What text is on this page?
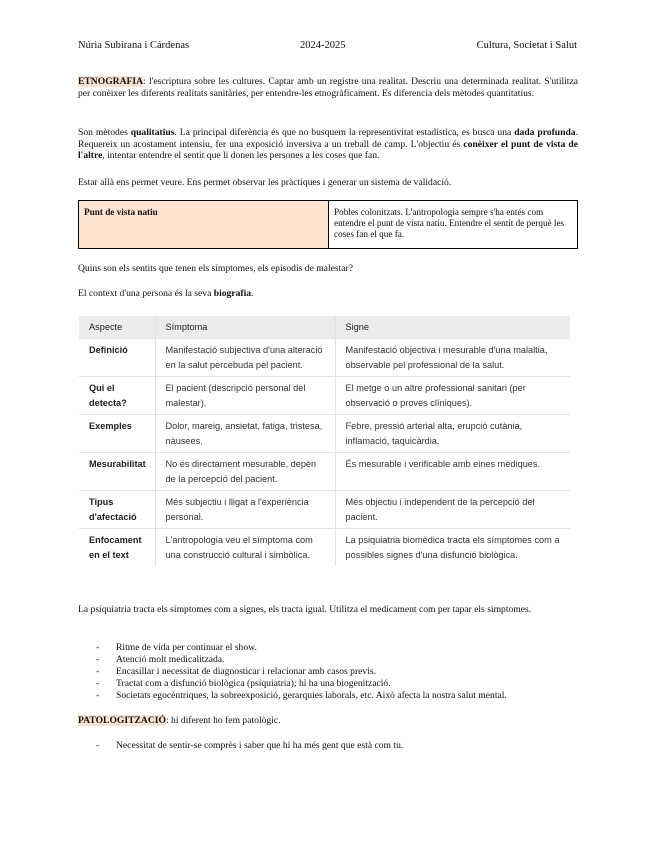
Núria Subirana i Cárdenas	2024-2025	Cultura, Societat i Salut

ETNOGRAFIA: l'escriptura sobre les cultures. Captar amb un registre una realitat. Descriu una determinada realitat. S'utilitza per conèixer les diferents realitats sanitàries, per entendre-les etnogràficament. Es diferencia dels mètodes quantitatius.

Son mètodes qualitatius. La principal diferència és que no busquem la representivitat estadística, es busca una dada profunda. Requereix un acostament intensiu, fer una exposició inversiva a un treball de camp. L'objectiu és conèixer el punt de vista de l'altre, intentar entendre el sentit que li donen les persones a les coses que fan.

Estar allà ens permet veure. Ens permet observar les pràctiques i generar un sistema de validació.

Punt de vista natiu	Pobles colonitzats. L'antropologia sempre s'ha entés com entendre el punt de vista natiu. Entendre el sentit de perquè les coses fan el que fa.

Quins son els sentits que tenen els símptomes, els episodis de malestar?

El context d'una persona és la seva biografia.

Aspecte	Símptoma	Signe
Definició	Manifestació subjectiva d'una alteració en la salut percebuda pel pacient.	Manifestació objectiva i mesurable d'una malaltia, observable pel professional de la salut.
Qui el detecta?	El pacient (descripció personal del malestar).	El metge o un altre professional sanitari (per observació o proves clíniques).
Exemples	Dolor, mareig, ansietat, fatiga, tristesa, nàusees.	Febre, pressió arterial alta, erupció cutània, inflamació, taquicàrdia.
Mesurabilitat	No és directament mesurable, depèn de la percepció del pacient.	És mesurable i verificable amb eines mèdiques.
Tipus d'afectació	Més subjectiu i lligat a l'experiència personal.	Més objectiu i independent de la percepció del pacient.
Enfocament en el text	L'antropologia veu el símptoma com una construcció cultural i simbòlica.	La psiquiatria biomèdica tracta els símptomes com a possibles signes d'una disfunció biològica.

La psiquiatria tracta els símptomes com a signes, els tracta igual. Utilitza el medicament com per tapar els símptomes.

- Ritme de vida per continuar el show.
- Atenció molt medicalitzada.
- Encasillar i necessitat de diagnosticar i relacionar amb casos previs.
- Tractat com a disfunció biològica (psiquiatria); hi ha una biogenització.
- Societats egocèntriques, la sobreexposició, gerarquies laborals, etc. Això afecta la nostra salut mental.

PATOLOGITZACIÓ: hi diferent ho fem patològic.

- Necessitat de sentir-se comprès i saber que hi ha més gent que està com tu.
